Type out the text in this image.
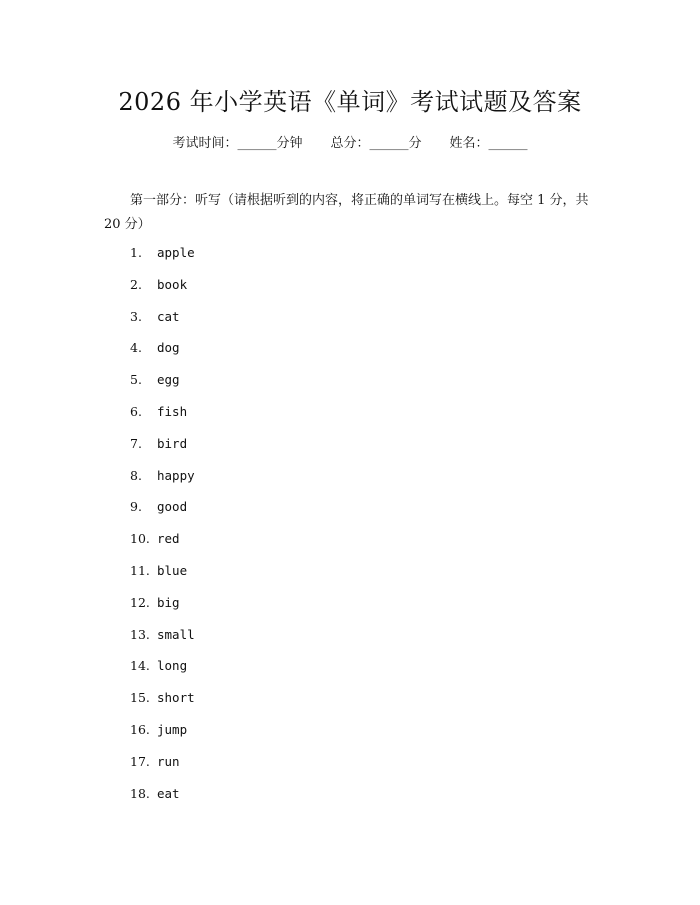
2026 年小学英语《单词》考试试题及答案
考试时间：______分钟 总分：______分 姓名：______
第一部分：听写（请根据听到的内容，将正确的单词写在横线上。每空 1 分，共 20 分）
1. apple
2. book
3. cat
4. dog
5. egg
6. fish
7. bird
8. happy
9. good
10. red
11. blue
12. big
13. small
14. long
15. short
16. jump
17. run
18. eat
